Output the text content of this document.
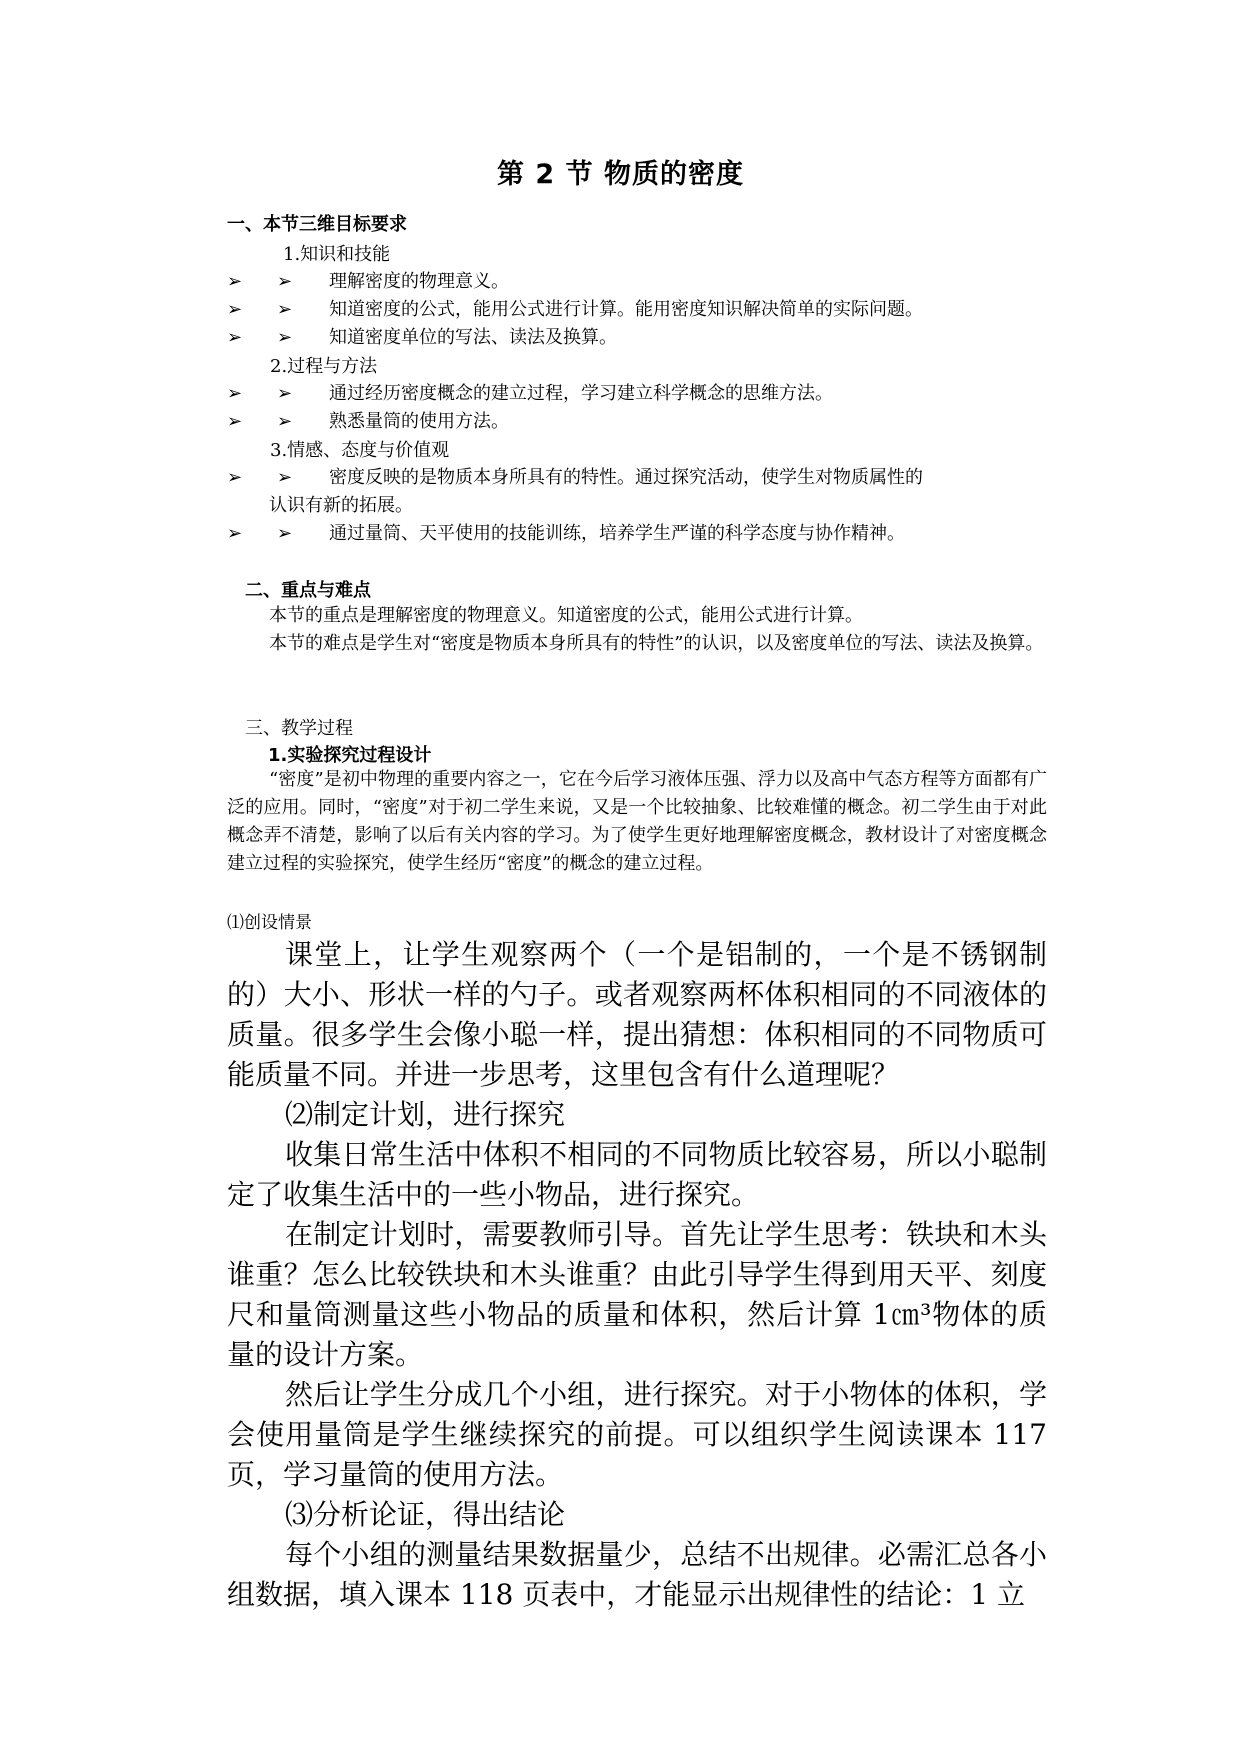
第 2 节 物质的密度
一、本节三维目标要求
1.知识和技能
➢ ➢	理解密度的物理意义。
➢ ➢	知道密度的公式，能用公式进行计算。能用密度知识解决简单的实际问题。
➢ ➢	知道密度单位的写法、读法及换算。
2.过程与方法
➢ ➢	通过经历密度概念的建立过程，学习建立科学概念的思维方法。
➢ ➢	熟悉量筒的使用方法。
3.情感、态度与价值观
➢ ➢	密度反映的是物质本身所具有的特性。通过探究活动，使学生对物质属性的
认识有新的拓展。
➢ ➢	通过量筒、天平使用的技能训练，培养学生严谨的科学态度与协作精神。
二、重点与难点

本节的重点是理解密度的物理意义。知道密度的公式，能用公式进行计算。

本节的难点是学生对“密度是物质本身所具有的特性”的认识，以及密度单位的写法、读法及换算。

三、教学过程
1.实验探究过程设计

“密度”是初中物理的重要内容之一，它在今后学习液体压强、浮力以及高中气态方程等方面都有广泛的应用。同时，“密度”对于初二学生来说，又是一个比较抽象、比较难懂的概念。初二学生由于对此概念弄不清楚，影响了以后有关内容的学习。为了使学生更好地理解密度概念，教材设计了对密度概念建立过程的实验探究，使学生经历“密度”的概念的建立过程。

⑴创设情景

课堂上，让学生观察两个（一个是铝制的，一个是不锈钢制的）大小、形状一样的勺子。或者观察两杯体积相同的不同液体的质量。很多学生会像小聪一样，提出猜想：体积相同的不同物质可能质量不同。并进一步思考，这里包含有什么道理呢？

⑵制定计划，进行探究

收集日常生活中体积不相同的不同物质比较容易，所以小聪制定了收集生活中的一些小物品，进行探究。

在制定计划时，需要教师引导。首先让学生思考：铁块和木头谁重？怎么比较铁块和木头谁重？由此引导学生得到用天平、刻度尺和量筒测量这些小物品的质量和体积，然后计算 1㎝³物体的质量的设计方案。

然后让学生分成几个小组，进行探究。对于小物体的体积，学会使用量筒是学生继续探究的前提。可以组织学生阅读课本 117 页，学习量筒的使用方法。

⑶分析论证，得出结论

每个小组的测量结果数据量少，总结不出规律。必需汇总各小组数据，填入课本 118 页表中，才能显示出规律性的结论：1 立
